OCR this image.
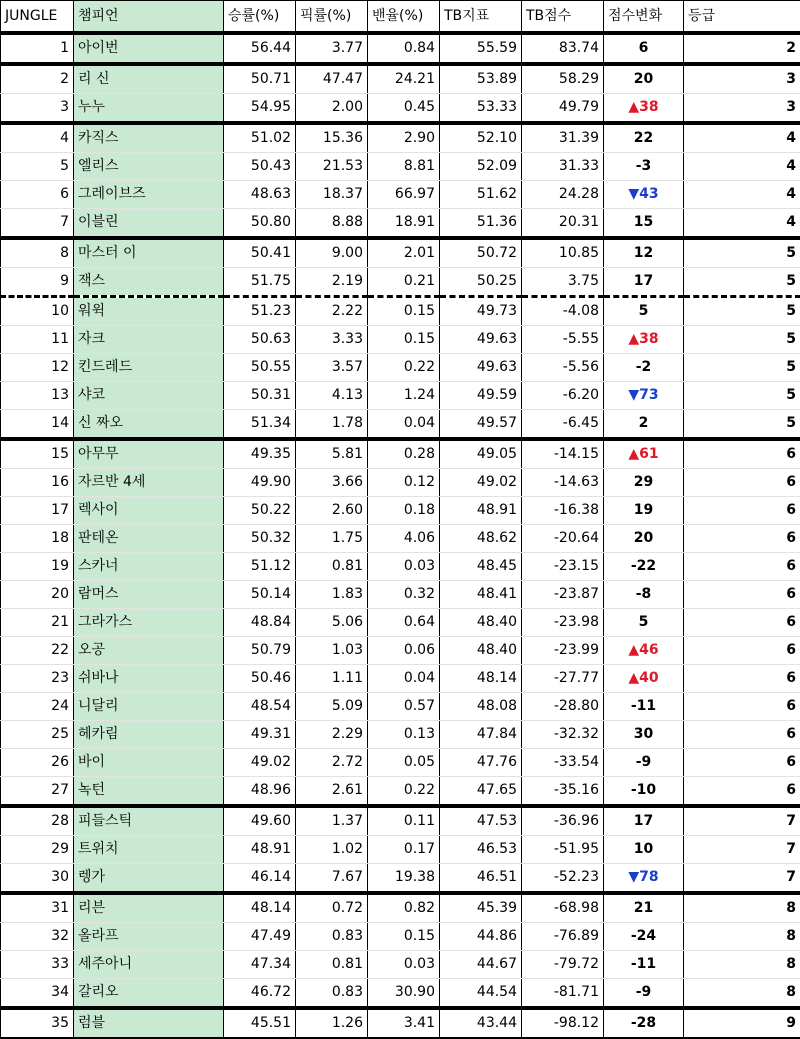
JUNGLE	챔피언	승률(%)	픽률(%)	밴율(%)	TB지표	TB점수	점수변화	등급
1	아이번	56.44	3.77	0.84	55.59	83.74	6	2
2	리 신	50.71	47.47	24.21	53.89	58.29	20	3
3	누누	54.95	2.00	0.45	53.33	49.79	▲38	3
4	카직스	51.02	15.36	2.90	52.10	31.39	22	4
5	엘리스	50.43	21.53	8.81	52.09	31.33	-3	4
6	그레이브즈	48.63	18.37	66.97	51.62	24.28	▼43	4
7	이블린	50.80	8.88	18.91	51.36	20.31	15	4
8	마스터 이	50.41	9.00	2.01	50.72	10.85	12	5
9	잭스	51.75	2.19	0.21	50.25	3.75	17	5
10	워윅	51.23	2.22	0.15	49.73	-4.08	5	5
11	자크	50.63	3.33	0.15	49.63	-5.55	▲38	5
12	킨드레드	50.55	3.57	0.22	49.63	-5.56	-2	5
13	샤코	50.31	4.13	1.24	49.59	-6.20	▼73	5
14	신 짜오	51.34	1.78	0.04	49.57	-6.45	2	5
15	아무무	49.35	5.81	0.28	49.05	-14.15	▲61	6
16	자르반 4세	49.90	3.66	0.12	49.02	-14.63	29	6
17	렉사이	50.22	2.60	0.18	48.91	-16.38	19	6
18	판테온	50.32	1.75	4.06	48.62	-20.64	20	6
19	스카너	51.12	0.81	0.03	48.45	-23.15	-22	6
20	람머스	50.14	1.83	0.32	48.41	-23.87	-8	6
21	그라가스	48.84	5.06	0.64	48.40	-23.98	5	6
22	오공	50.79	1.03	0.06	48.40	-23.99	▲46	6
23	쉬바나	50.46	1.11	0.04	48.14	-27.77	▲40	6
24	니달리	48.54	5.09	0.57	48.08	-28.80	-11	6
25	헤카림	49.31	2.29	0.13	47.84	-32.32	30	6
26	바이	49.02	2.72	0.05	47.76	-33.54	-9	6
27	녹턴	48.96	2.61	0.22	47.65	-35.16	-10	6
28	피들스틱	49.60	1.37	0.11	47.53	-36.96	17	7
29	트위치	48.91	1.02	0.17	46.53	-51.95	10	7
30	렝가	46.14	7.67	19.38	46.51	-52.23	▼78	7
31	리븐	48.14	0.72	0.82	45.39	-68.98	21	8
32	올라프	47.49	0.83	0.15	44.86	-76.89	-24	8
33	세주아니	47.34	0.81	0.03	44.67	-79.72	-11	8
34	갈리오	46.72	0.83	30.90	44.54	-81.71	-9	8
35	럼블	45.51	1.26	3.41	43.44	-98.12	-28	9
